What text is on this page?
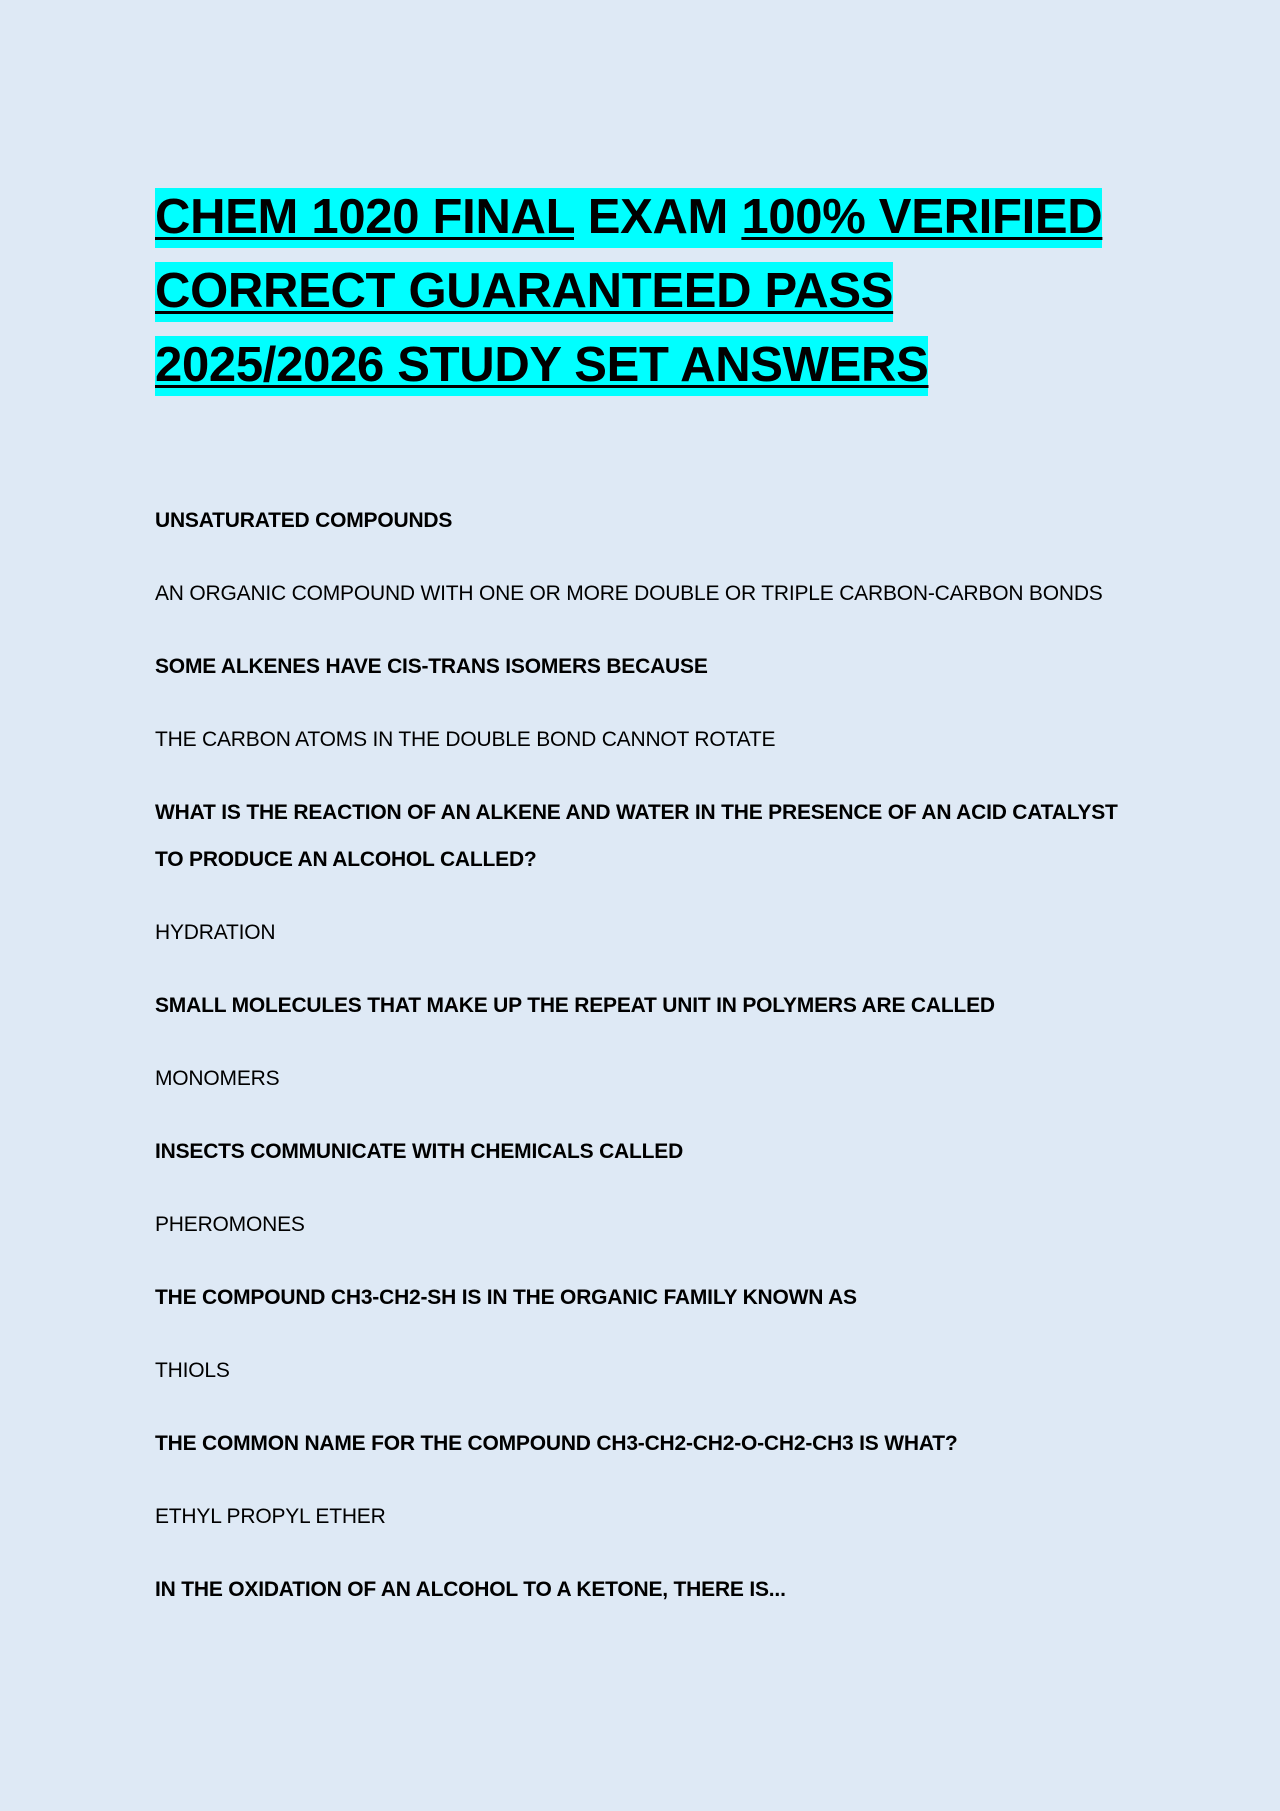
CHEM 1020 FINAL EXAM 100% VERIFIED CORRECT GUARANTEED PASS 2025/2026 STUDY SET ANSWERS

UNSATURATED COMPOUNDS

AN ORGANIC COMPOUND WITH ONE OR MORE DOUBLE OR TRIPLE CARBON-CARBON BONDS

SOME ALKENES HAVE CIS-TRANS ISOMERS BECAUSE

THE CARBON ATOMS IN THE DOUBLE BOND CANNOT ROTATE

WHAT IS THE REACTION OF AN ALKENE AND WATER IN THE PRESENCE OF AN ACID CATALYST TO PRODUCE AN ALCOHOL CALLED?

HYDRATION

SMALL MOLECULES THAT MAKE UP THE REPEAT UNIT IN POLYMERS ARE CALLED

MONOMERS

INSECTS COMMUNICATE WITH CHEMICALS CALLED

PHEROMONES

THE COMPOUND CH3-CH2-SH IS IN THE ORGANIC FAMILY KNOWN AS

THIOLS

THE COMMON NAME FOR THE COMPOUND CH3-CH2-CH2-O-CH2-CH3 IS WHAT?

ETHYL PROPYL ETHER

IN THE OXIDATION OF AN ALCOHOL TO A KETONE, THERE IS...
